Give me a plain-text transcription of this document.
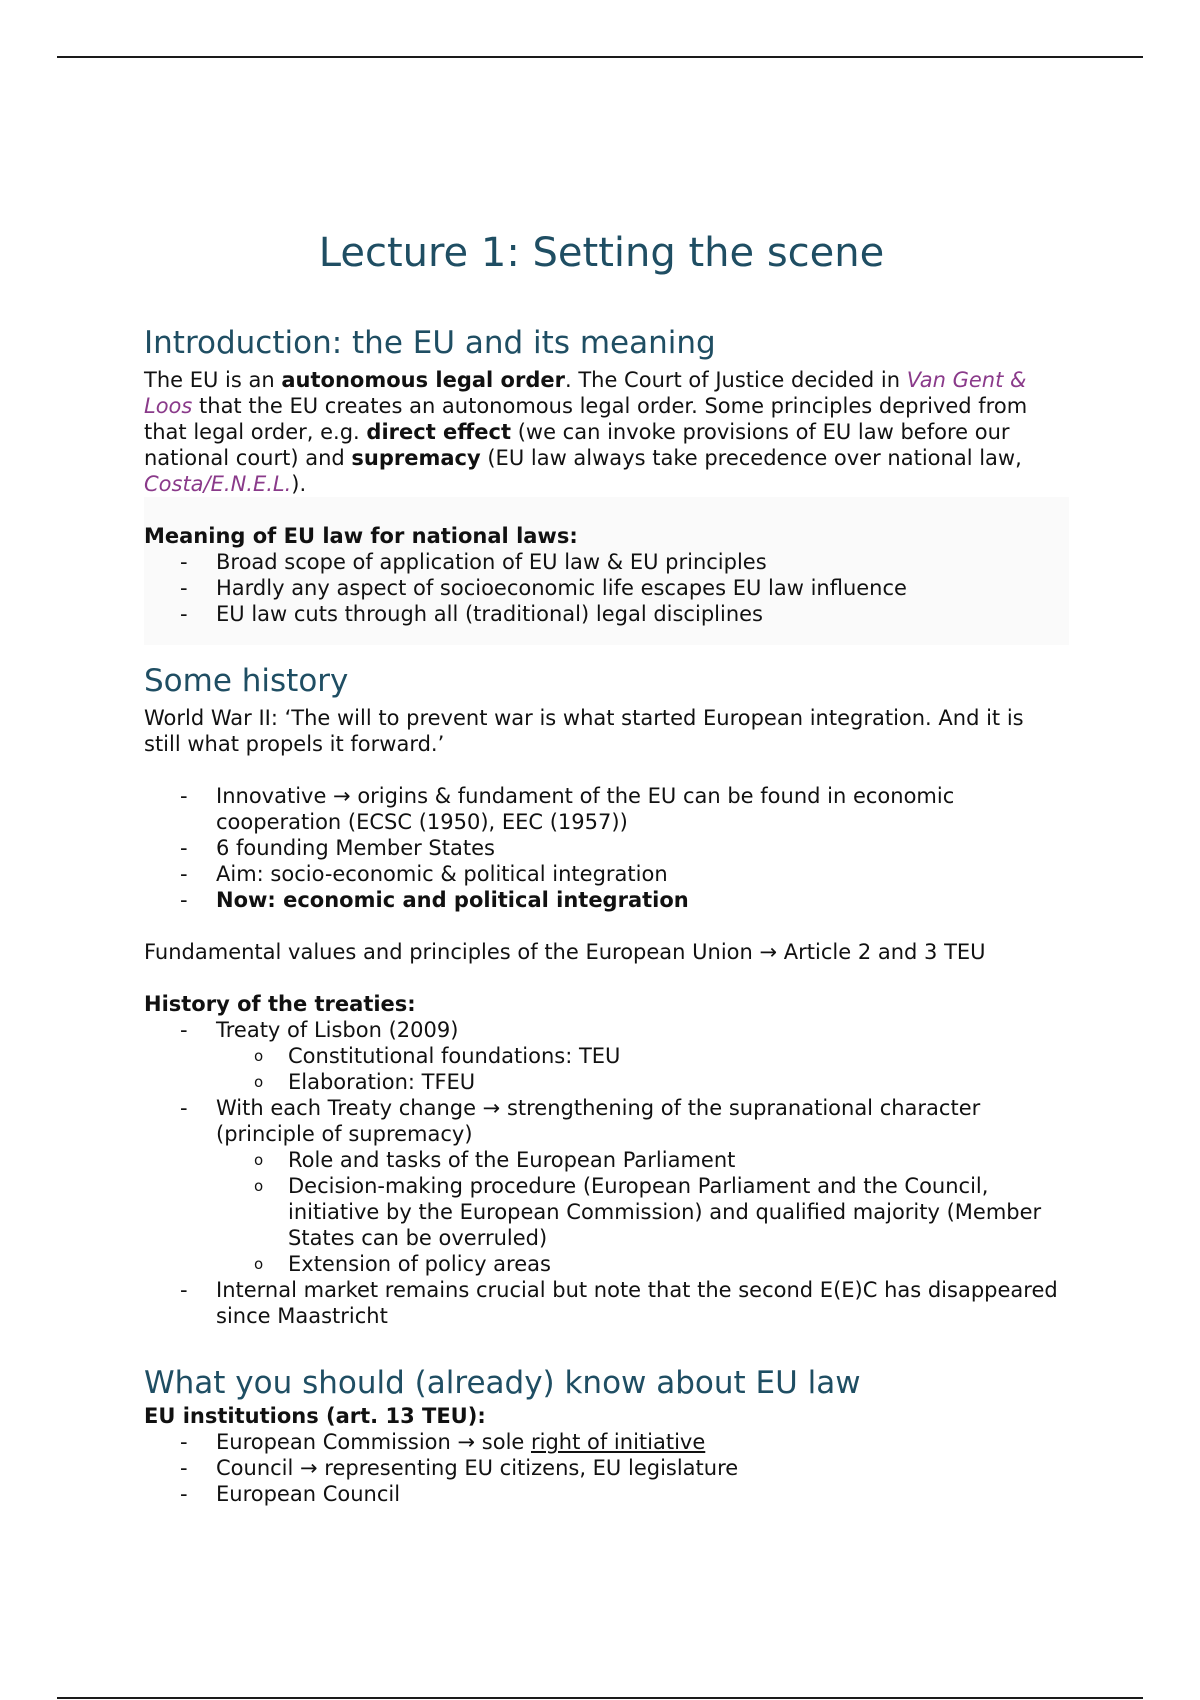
Lecture 1: Setting the scene
Introduction: the EU and its meaning

The EU is an autonomous legal order. The Court of Justice decided in Van Gent & Loos that the EU creates an autonomous legal order. Some principles deprived from that legal order, e.g. direct effect (we can invoke provisions of EU law before our national court) and supremacy (EU law always take precedence over national law, Costa/E.N.E.L.).

Meaning of EU law for national laws:
- Broad scope of application of EU law & EU principles
- Hardly any aspect of socioeconomic life escapes EU law influence
- EU law cuts through all (traditional) legal disciplines
Some history

World War II: ‘The will to prevent war is what started European integration. And it is still what propels it forward.’

- Innovative → origins & fundament of the EU can be found in economic cooperation (ECSC (1950), EEC (1957))
- 6 founding Member States
- Aim: socio-economic & political integration
- Now: economic and political integration

Fundamental values and principles of the European Union → Article 2 and 3 TEU

History of the treaties:
- Treaty of Lisbon (2009)
o Constitutional foundations: TEU
o Elaboration: TFEU
- With each Treaty change → strengthening of the supranational character (principle of supremacy)
o Role and tasks of the European Parliament
o Decision-making procedure (European Parliament and the Council, initiative by the European Commission) and qualified majority (Member States can be overruled)
o Extension of policy areas
- Internal market remains crucial but note that the second E(E)C has disappeared since Maastricht
What you should (already) know about EU law
EU institutions (art. 13 TEU):
- European Commission → sole right of initiative
- Council → representing EU citizens, EU legislature
- European Council
